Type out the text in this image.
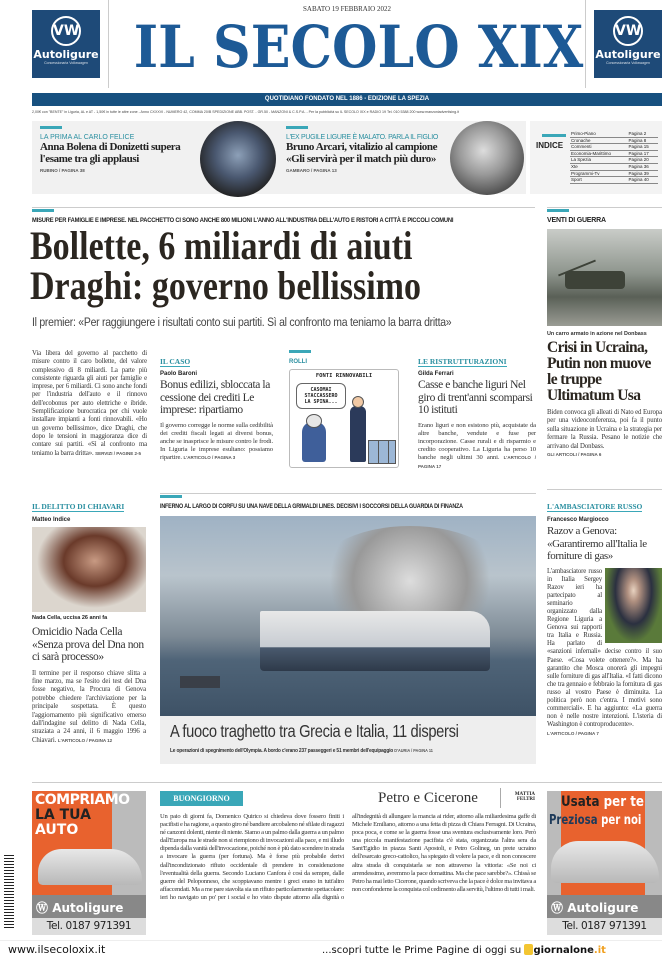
VW
Autoligure
Concessionaria Volkswagen
VW
Autoligure
Concessionaria Volkswagen
SABATO 19 FEBBRAIO 2022
IL SECOLO XIX
QUOTIDIANO FONDATO NEL 1886 - EDIZIONE LA SPEZIA
2,00€ con "BENTE" in Liguria, AL e AT - 1,50€ in tutte le altre zone - Anno CXXXVI - NUMERO 42, COMMA 20/B SPEDIZIONE ABB. POST. - GR.50 - MANZONI & C.S.P.A. - Per la pubblicità su IL SECOLO XIX e RADIO 19 Tel. 010 5388 200 www.manzoniadvertising.it
LA PRIMA AL CARLO FELICE
Anna Bolena di Donizetti supera l'esame tra gli applausi
RUBINO / PAGINA 38
L'EX PUGILE LIGURE È MALATO. PARLA IL FIGLIO
Bruno Arcari, vitalizio al campione «Gli servirà per il match più duro»
GAMBARO / PAGINA 13
INDICE
Primo-Piano	Pagina 2
Cronache	Pagina 8
Commenti	Pagina 15
Economia-Marittimo	Pagina 17
La Spezia	Pagina 20
Xte	Pagina 36
Programmi-Tv	Pagina 39
Sport	Pagina 40
MISURE PER FAMIGLIE E IMPRESE. NEL PACCHETTO CI SONO ANCHE 800 MILIONI L'ANNO ALL'INDUSTRIA DELL'AUTO E RISTORI A CITTÀ E PICCOLI COMUNI
Bollette, 6 miliardi di aiuti
Draghi: governo bellissimo
Il premier: «Per raggiungere i risultati conto sui partiti. Sì al confronto ma teniamo la barra dritta»
VENTI DI GUERRA
Un carro armato in azione nel Donbass
Crisi in Ucraina, Putin non muove le truppe Ultimatum Usa
Biden convoca gli alleati di Nato ed Europa per una videoconferenza, poi fa il punto sulla situazione in Ucraina e la strategia per fermare la Russia. Pesano le notizie che arrivano dal Donbass.
GLI ARTICOLI / PAGINA 6
Via libera del governo al pacchetto di misure contro il caro bollette, del valore complessivo di 8 miliardi. La parte più consistente riguarda gli aiuti per famiglie e imprese, per 6 miliardi. Ci sono anche fondi per l'industria dell'auto e il rinnovo dell'ecobonus per auto elettriche e ibride. Semplificazione burocratica per chi vuole installare impianti a fonti rinnovabili. «Ho un governo bellissimo», dice Draghi, che dopo le tensioni in maggioranza dice di contare sui partiti. «Sì al confronto ma teniamo la barra dritta». SERVIZI / PAGINE 2-5
IL CASO
Paolo Baroni
Bonus edilizi, sbloccata la cessione dei crediti Le imprese: ripartiamo
Il governo corregge le norme sulla cedibilità dei crediti fiscali legati ai diversi bonus, anche se inasprisce le misure contro le frodi. In Liguria le imprese esultano: possiamo ripartire. L'ARTICOLO / PAGINA 3
ROLLI
FONTI RINNOVABILI
CASOMAI STACCASSERO LA SPINA...
LE RISTRUTTURAZIONI
Gilda Ferrari
Casse e banche liguri Nel giro di trent'anni scomparsi 10 istituti
Erano liguri e non esistono più, acquistate da altre banche, vendute e fuse per incorporazione. Casse rurali e di risparmio e credito cooperativo. La Liguria ha perso 10 banche negli ultimi 30 anni. L'ARTICOLO / PAGINA 17
IL DELITTO DI CHIAVARI
Matteo Indice
Nada Cella, uccisa 26 anni fa
Omicidio Nada Cella «Senza prova del Dna non ci sarà processo»
Il termine per il responso chiave slitta a fine marzo, ma se l'esito dei test del Dna fosse negativo, la Procura di Genova potrebbe chiedere l'archiviazione per la principale sospettata. È questo l'aggiornamento più significativo emerso dall'indagine sul delitto di Nada Cella, straziata a 24 anni, il 6 maggio 1996 a Chiavari. L'ARTICOLO / PAGINA 12
INFERNO AL LARGO DI CORFÙ SU UNA NAVE DELLA GRIMALDI LINES. DECISIVI I SOCCORSI DELLA GUARDIA DI FINANZA
A fuoco traghetto tra Grecia e Italia, 11 dispersi
Le operazioni di spegnimento dell'Olympia. A bordo c'erano 237 passeggeri e 51 membri dell'equipaggio D'AURIA / PAGINA 11
L'AMBASCIATORE RUSSO
Francesco Margiocco
Razov a Genova: «Garantiremo all'Italia le forniture di gas»
L'ambasciatore russo in Italia Sergey Razov ieri ha partecipato al seminario organizzato dalla Regione Liguria a Genova sui rapporti tra Italia e Russia. Ha parlato di «sanzioni infernali» decise contro il suo Paese. «Cosa volete ottenere?». Ma ha garantito che Mosca onorerà gli impegni sulle forniture di gas all'Italia. «I fatti dicono che tra gennaio e febbraio la fornitura di gas russo al vostro Paese è diminuita. La politica però non c'entra. I motivi sono commerciali». E ha aggiunto: «La guerra non è nelle nostre intenzioni. L'isteria di Washington è controproducente».
L'ARTICOLO / PAGINA 7
COMPRIAMO
LA TUA
AUTO
Ⓦ Autoligure
Tel. 0187 971391
BUONGIORNO	Petro e Cicerone	MATTIA FELTRI
Un paio di giorni fa, Domenico Quirico si chiedeva dove fossero finiti i pacifisti e ha ragione, a questo giro né bandiere arcobaleno né sfilate di ragazzi né canzoni dolenti, niente di niente. Siamo a un palmo dalla guerra a un palmo dall'Europa ma le strade non si riempiono di invocazioni alla pace, e mi illudo dipenda dalla vanità dell'invocazione, poiché non è più dato scendere in strada a invocare la guerra (per fortuna). Ma è forse più probabile derivi dall'incondizionato rifiuto occidentale di prendere in considerazione l'eventualità della guerra. Secondo Luciano Canfora è così da sempre, dalle guerre del Peloponneso, che scoppiavano mentre i greci erano in tutt'altro affaccendati. Ma a me pare stavolta sia un rifiuto particolarmente spettacolare: ieri ho navigato un po' per i social e ho visto dispute attorno alla dignità o all'indegnità di allungare la mancia ai rider, attorno alla miliardesima gaffe di Michele Emiliano, attorno a una fetta di pizza di Chiara Ferragni. Di Ucraina, poca poca, e come se la guerra fosse una sventura esclusivamente loro. Però una piccola manifestazione pacifista c'è stata, organizzata l'altra sera da Sant'Egidio in piazza Santi Apostoli, e Petro Golineg, un prete ucraino dell'esarcato greco-cattolico, ha spiegato di volere la pace, e di non conoscere altra strada di conquistarla se non attraverso la vittoria: «Se noi ci arrendessimo, avremmo la pace domattina. Ma che pace sarebbe?». Chissà se Petro ha mai letto Cicerone, quando scriveva che la pace è dolce ma invitava a non confonderne la conquista col cedimento alla servitù, l'ultimo di tutti i mali.
Usata per te
Preziosa per noi
Ⓦ Autoligure
Tel. 0187 971391
www.ilsecoloxix.it	...scopri tutte le Prime Pagine di oggi su giornalone.it
